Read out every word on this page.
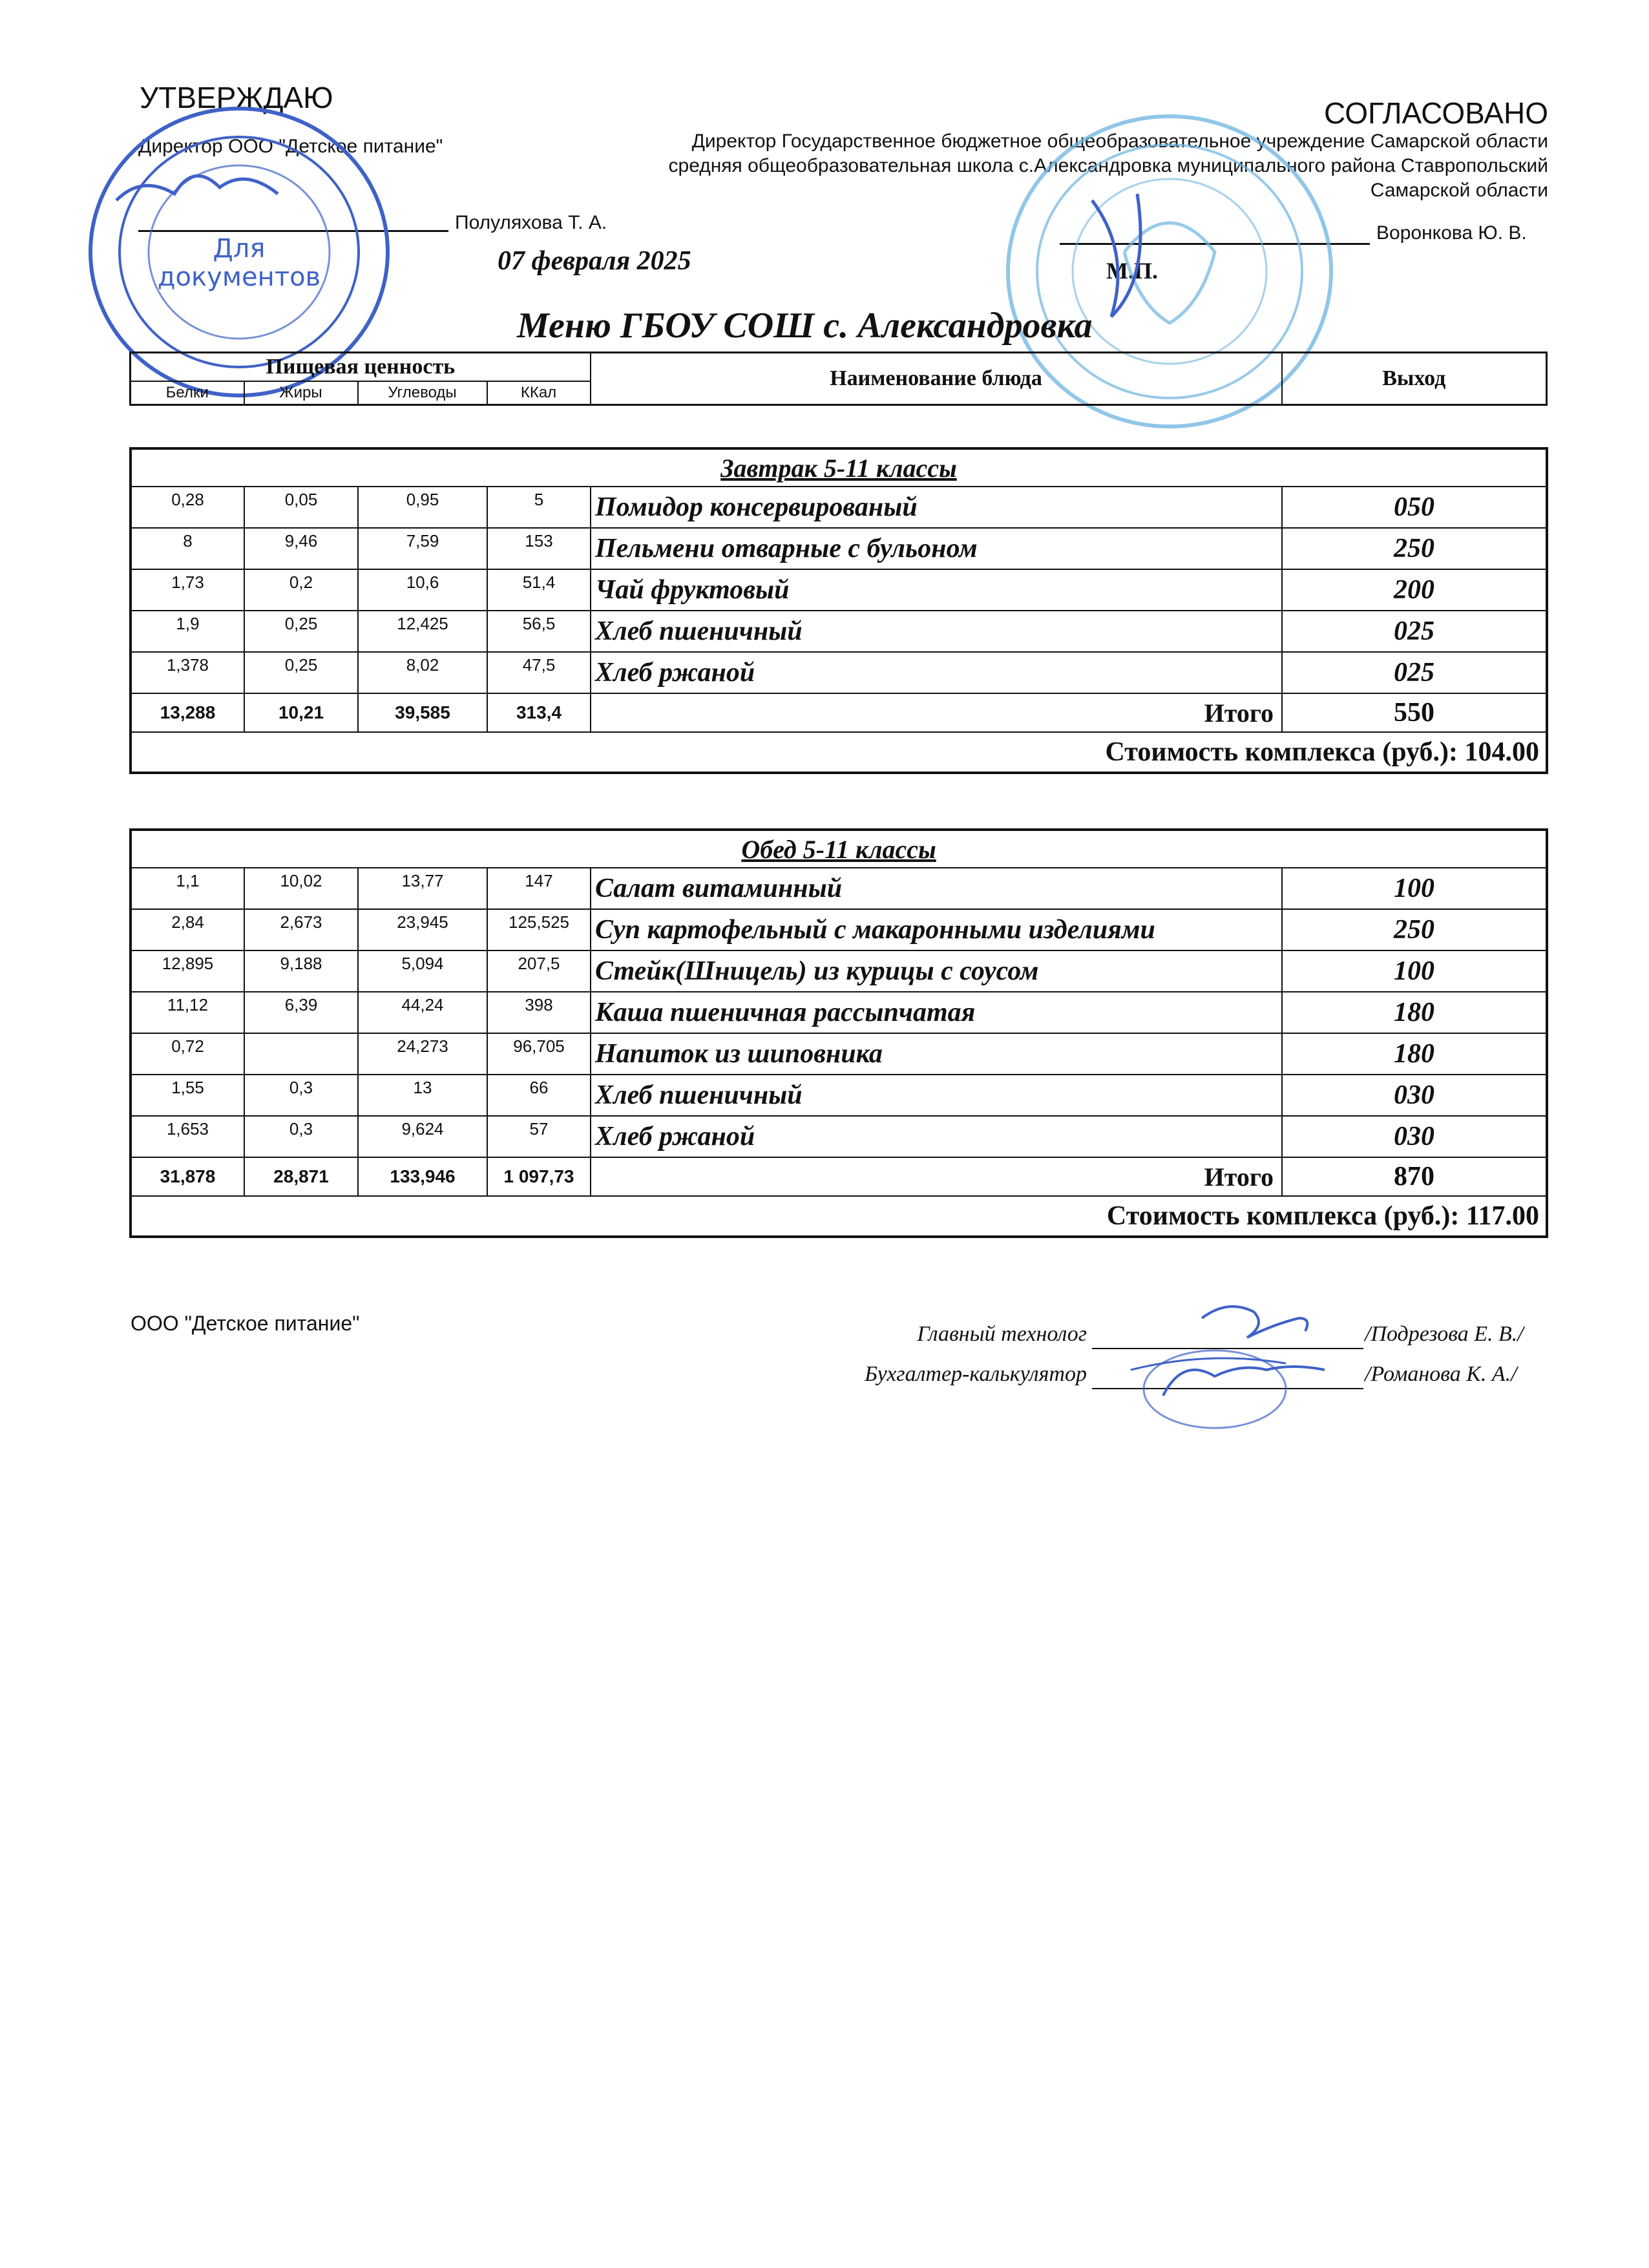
УТВЕРЖДАЮ
Директор ООО "Детское питание"
Полуляхова Т. А.
07 февраля 2025
Для
документов
СОГЛАСОВАНО
Директор Государственное бюджетное общеобразовательное учреждение Самарской области средняя общеобразовательная школа с.Александровка муниципального района Ставропольский Самарской области
Воронкова Ю. В.
М.П.
Меню ГБОУ СОШ с. Александровка
Пищевая ценность				Наименование блюда	Выход
Белки	Жиры	Углеводы	ККал		
Завтрак 5-11 классы					
0,28	0,05	0,95	5	Помидор консервированый	050
8	9,46	7,59	153	Пельмени отварные с бульоном	250
1,73	0,2	10,6	51,4	Чай фруктовый	200
1,9	0,25	12,425	56,5	Хлеб пшеничный	025
1,378	0,25	8,02	47,5	Хлеб ржаной	025
13,288	10,21	39,585	313,4	Итого	550
Стоимость комплекса (руб.): 104.00					
Обед 5-11 классы					
1,1	10,02	13,77	147	Салат витаминный	100
2,84	2,673	23,945	125,525	Суп картофельный с макаронными изделиями	250
12,895	9,188	5,094	207,5	Стейк(Шницель) из курицы с соусом	100
11,12	6,39	44,24	398	Каша пшеничная рассыпчатая	180
0,72		24,273	96,705	Напиток из шиповника	180
1,55	0,3	13	66	Хлеб пшеничный	030
1,653	0,3	9,624	57	Хлеб ржаной	030
31,878	28,871	133,946	1 097,73	Итого	870
Стоимость комплекса (руб.): 117.00					
ООО "Детское питание"	Главный технолог	/Подрезова Е. В./
Бухгалтер-калькулятор	/Романова К. А./
